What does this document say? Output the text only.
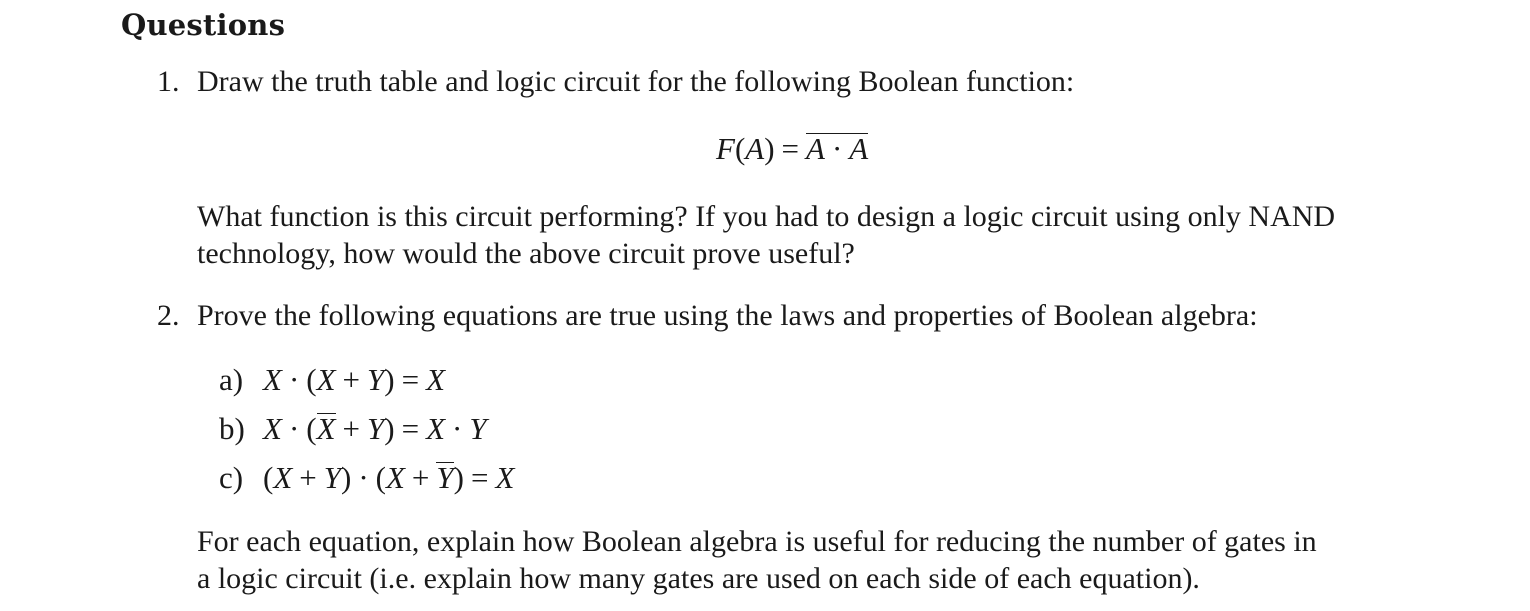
Questions
1. Draw the truth table and logic circuit for the following Boolean function:
F(A) = A · A
What function is this circuit performing? If you had to design a logic circuit using only NAND
technology, how would the above circuit prove useful?
2. Prove the following equations are true using the laws and properties of Boolean algebra:
a) X · (X + Y) = X
b) X · (X + Y) = X · Y
c) (X + Y) · (X + Y) = X
For each equation, explain how Boolean algebra is useful for reducing the number of gates in
a logic circuit (i.e. explain how many gates are used on each side of each equation).
